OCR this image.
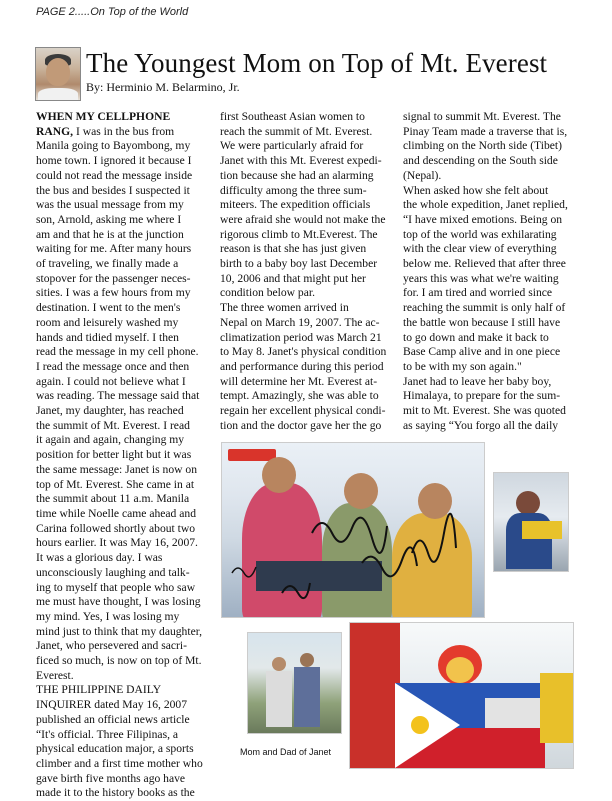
PAGE 2.....On Top of the World
The Youngest Mom on Top of Mt. Everest
By: Herminio M. Belarmino, Jr.

WHEN MY CELLPHONE

RANG, I was in the bus from

Manila going to Bayombong, my

home town. I ignored it because I

could not read the message inside

the bus and besides I suspected it

was the usual message from my

son, Arnold, asking me where I

am and that he is at the junction

waiting for me. After many hours

of traveling, we finally made a

stopover for the passenger neces-

sities. I was a few hours from my

destination. I went to the men's

room and leisurely washed my

hands and tidied myself. I then

read the message in my cell phone.

I read the message once and then

again. I could not believe what I

was reading. The message said that

Janet, my daughter, has reached

the summit of Mt. Everest. I read

it again and again, changing my

position for better light but it was

the same message: Janet is now on

top of Mt. Everest. She came in at

the summit about 11 a.m. Manila

time while Noelle came ahead and

Carina followed shortly about two

hours earlier. It was May 16, 2007.

It was a glorious day. I was

unconsciously laughing and talk-

ing to myself that people who saw

me must have thought, I was losing

my mind. Yes, I was losing my

mind just to think that my daughter,

Janet, who persevered and sacri-

ficed so much, is now on top of Mt.

Everest.

THE PHILIPPINE DAILY

INQUIRER dated May 16, 2007

published an official news article

“It's official. Three Filipinas, a

physical education major, a sports

climber and a first time mother who

gave birth five months ago have

made it to the history books as the

first Southeast Asian women to

reach the summit of Mt. Everest.

We were particularly afraid for

Janet with this Mt. Everest expedi-

tion because she had an alarming

difficulty among the three sum-

miteers. The expedition officials

were afraid she would not make the

rigorous climb to Mt.Everest. The

reason is that she has just given

birth to a baby boy last December

10, 2006 and that might put her

condition below par.

The three women arrived in

Nepal on March 19, 2007. The ac-

climatization period was March 21

to May 8. Janet's physical condition

and performance during this period

will determine her Mt. Everest at-

tempt. Amazingly, she was able to

regain her excellent physical condi-

tion and the doctor gave her the go

signal to summit Mt. Everest. The

Pinay Team made a traverse that is,

climbing on the North side (Tibet)

and descending on the South side

(Nepal).

When asked how she felt about

the whole expedition, Janet replied,

“I have mixed emotions. Being on

top of the world was exhilarating

with the clear view of everything

below me. Relieved that after three

years this was what we're waiting

for. I am tired and worried since

reaching the summit is only half of

the battle won because I still have

to go down and make it back to

Base Camp alive and in one piece

to be with my son again."

Janet had to leave her baby boy,

Himalaya, to prepare for the sum-

mit to Mt. Everest. She was quoted

as saying “You forgo all the daily

Mom and Dad of Janet
